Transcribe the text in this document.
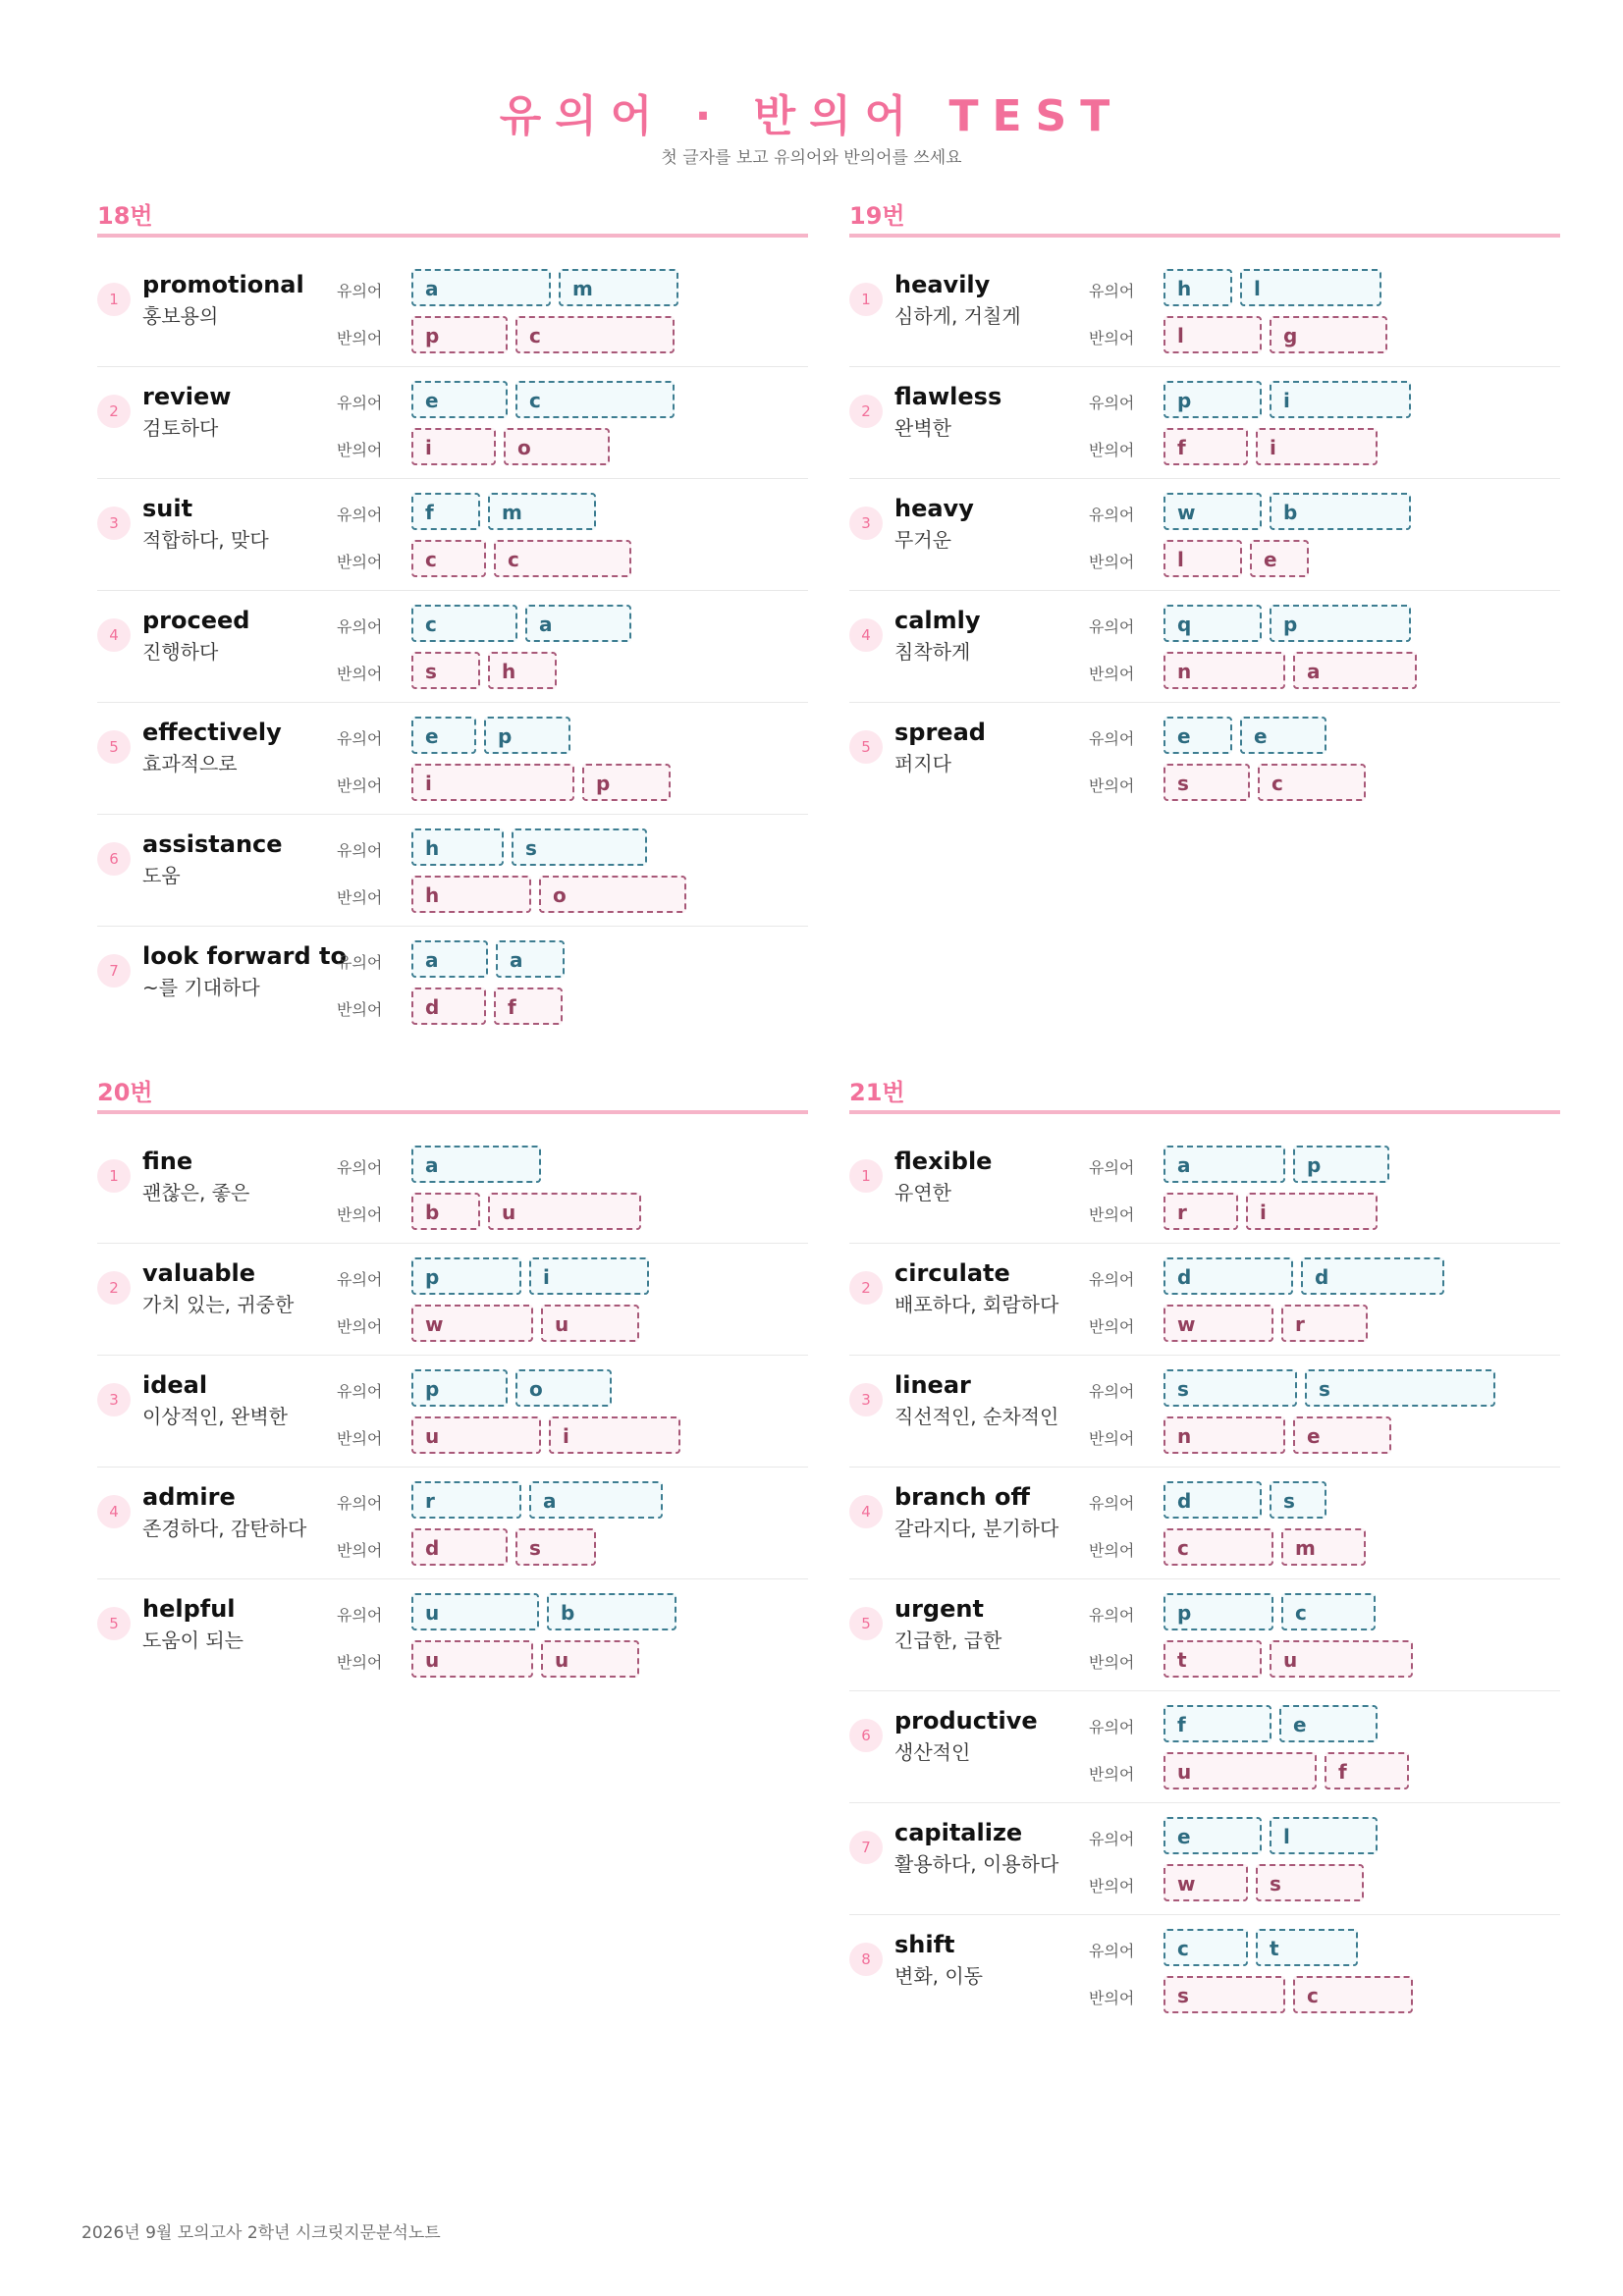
유의어 · 반의어 TEST
첫 글자를 보고 유의어와 반의어를 쓰세요
18번
1
promotional
홍보용의
유의어
반의어
a	m
p	c
2
review
검토하다
유의어
반의어
e	c
i	o
3
suit
적합하다, 맞다
유의어
반의어
f	m
c	c
4
proceed
진행하다
유의어
반의어
c	a
s	h
5
effectively
효과적으로
유의어
반의어
e	p
i	p
6
assistance
도움
유의어
반의어
h	s
h	o
7
look forward to
~를 기대하다
유의어
반의어
a	a
d	f
19번
1
heavily
심하게, 거칠게
유의어
반의어
h	l
l	g
2
flawless
완벽한
유의어
반의어
p	i
f	i
3
heavy
무거운
유의어
반의어
w	b
l	e
4
calmly
침착하게
유의어
반의어
q	p
n	a
5
spread
퍼지다
유의어
반의어
e	e
s	c
20번
1
fine
괜찮은, 좋은
유의어
반의어
a
b	u
2
valuable
가치 있는, 귀중한
유의어
반의어
p	i
w	u
3
ideal
이상적인, 완벽한
유의어
반의어
p	o
u	i
4
admire
존경하다, 감탄하다
유의어
반의어
r	a
d	s
5
helpful
도움이 되는
유의어
반의어
u	b
u	u
21번
1
flexible
유연한
유의어
반의어
a	p
r	i
2
circulate
배포하다, 회람하다
유의어
반의어
d	d
w	r
3
linear
직선적인, 순차적인
유의어
반의어
s	s
n	e
4
branch off
갈라지다, 분기하다
유의어
반의어
d	s
c	m
5
urgent
긴급한, 급한
유의어
반의어
p	c
t	u
6
productive
생산적인
유의어
반의어
f	e
u	f
7
capitalize
활용하다, 이용하다
유의어
반의어
e	l
w	s
8
shift
변화, 이동
유의어
반의어
c	t
s	c
2026년 9월 모의고사 2학년 시크릿지문분석노트
